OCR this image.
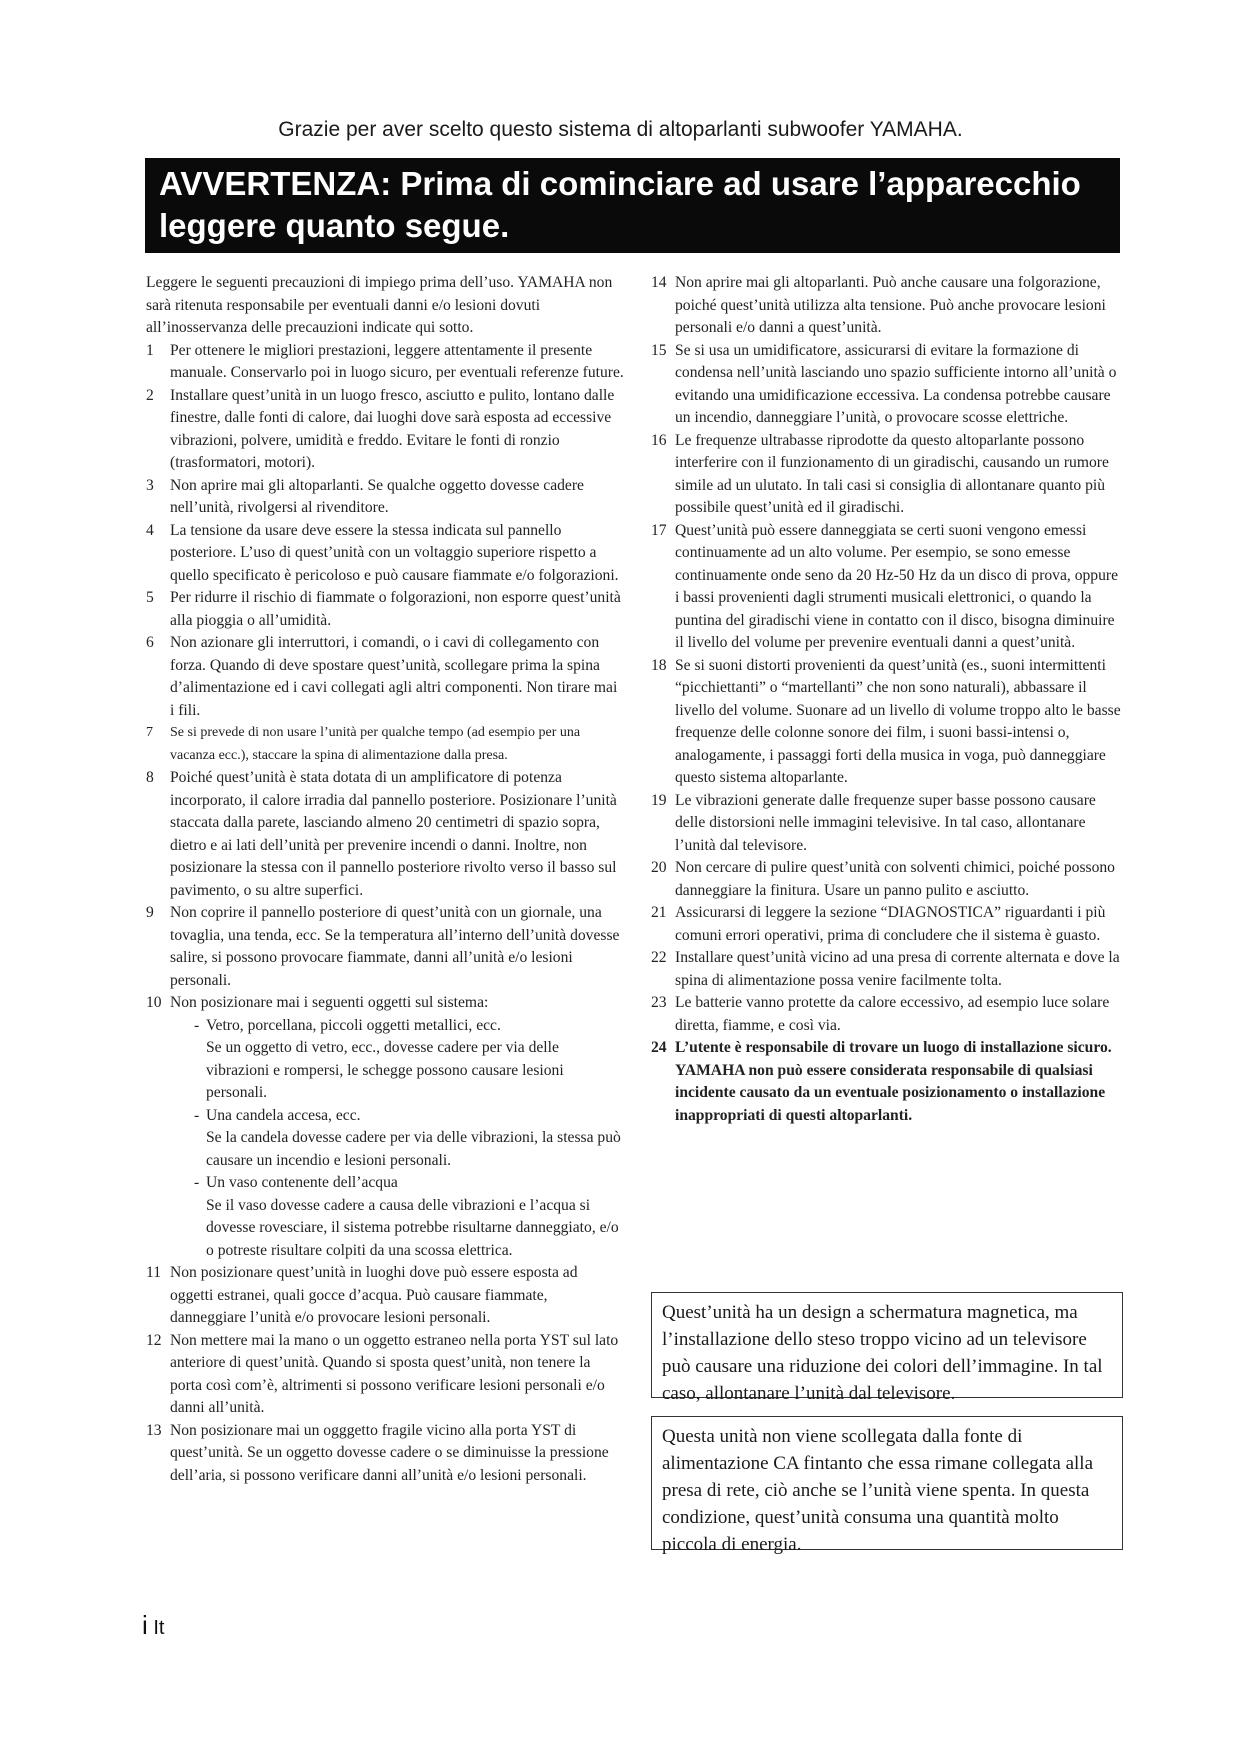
Grazie per aver scelto questo sistema di altoparlanti subwoofer YAMAHA.
AVVERTENZA: Prima di cominciare ad usare l’apparecchio
leggere quanto segue.

Leggere le seguenti precauzioni di impiego prima dell’uso. YAMAHA non sarà ritenuta responsabile per eventuali danni e/o lesioni dovuti all’inosservanza delle precauzioni indicate qui sotto.

1	Per ottenere le migliori prestazioni, leggere attentamente il presente manuale. Conservarlo poi in luogo sicuro, per eventuali referenze future.

2	Installare quest’unità in un luogo fresco, asciutto e pulito, lontano dalle finestre, dalle fonti di calore, dai luoghi dove sarà esposta ad eccessive vibrazioni, polvere, umidità e freddo. Evitare le fonti di ronzio (trasformatori, motori).

3	Non aprire mai gli altoparlanti. Se qualche oggetto dovesse cadere nell’unità, rivolgersi al rivenditore.

4	La tensione da usare deve essere la stessa indicata sul pannello posteriore. L’uso di quest’unità con un voltaggio superiore rispetto a quello specificato è pericoloso e può causare fiammate e/o folgorazioni.

5	Per ridurre il rischio di fiammate o folgorazioni, non esporre quest’unità alla pioggia o all’umidità.

6	Non azionare gli interruttori, i comandi, o i cavi di collegamento con forza. Quando di deve spostare quest’unità, scollegare prima la spina d’alimentazione ed i cavi collegati agli altri componenti. Non tirare mai i fili.

7	Se si prevede di non usare l’unità per qualche tempo (ad esempio per una vacanza ecc.), staccare la spina di alimentazione dalla presa.

8	Poiché quest’unità è stata dotata di un amplificatore di potenza incorporato, il calore irradia dal pannello posteriore. Posizionare l’unità staccata dalla parete, lasciando almeno 20 centimetri di spazio sopra, dietro e ai lati dell’unità per prevenire incendi o danni. Inoltre, non posizionare la stessa con il pannello posteriore rivolto verso il basso sul pavimento, o su altre superfici.

9	Non coprire il pannello posteriore di quest’unità con un giornale, una tovaglia, una tenda, ecc. Se la temperatura all’interno dell’unità dovesse salire, si possono provocare fiammate, danni all’unità e/o lesioni personali.

10 Non posizionare mai i seguenti oggetti sul sistema:

- Vetro, porcellana, piccoli oggetti metallici, ecc.

Se un oggetto di vetro, ecc., dovesse cadere per via delle vibrazioni e rompersi, le schegge possono causare lesioni personali.

- Una candela accesa, ecc.

Se la candela dovesse cadere per via delle vibrazioni, la stessa può causare un incendio e lesioni personali.

- Un vaso contenente dell’acqua

Se il vaso dovesse cadere a causa delle vibrazioni e l’acqua si dovesse rovesciare, il sistema potrebbe risultarne danneggiato, e/o o potreste risultare colpiti da una scossa elettrica.

11 Non posizionare quest’unità in luoghi dove può essere esposta ad oggetti estranei, quali gocce d’acqua. Può causare fiammate, danneggiare l’unità e/o provocare lesioni personali.

12 Non mettere mai la mano o un oggetto estraneo nella porta YST sul lato anteriore di quest’unità. Quando si sposta quest’unità, non tenere la porta così com’è, altrimenti si possono verificare lesioni personali e/o danni all’unità.

13 Non posizionare mai un ogggetto fragile vicino alla porta YST di quest’unità. Se un oggetto dovesse cadere o se diminuisse la pressione dell’aria, si possono verificare danni all’unità e/o lesioni personali.

14 Non aprire mai gli altoparlanti. Può anche causare una folgorazione, poiché quest’unità utilizza alta tensione. Può anche provocare lesioni personali e/o danni a quest’unità.

15 Se si usa un umidificatore, assicurarsi di evitare la formazione di condensa nell’unità lasciando uno spazio sufficiente intorno all’unità o evitando una umidificazione eccessiva. La condensa potrebbe causare un incendio, danneggiare l’unità, o provocare scosse elettriche.

16 Le frequenze ultrabasse riprodotte da questo altoparlante possono interferire con il funzionamento di un giradischi, causando un rumore simile ad un ulutato. In tali casi si consiglia di allontanare quanto più possibile quest’unità ed il giradischi.

17 Quest’unità può essere danneggiata se certi suoni vengono emessi continuamente ad un alto volume. Per esempio, se sono emesse continuamente onde seno da 20 Hz-50 Hz da un disco di prova, oppure i bassi provenienti dagli strumenti musicali elettronici, o quando la puntina del giradischi viene in contatto con il disco, bisogna diminuire il livello del volume per prevenire eventuali danni a quest’unità.

18 Se si suoni distorti provenienti da quest’unità (es., suoni intermittenti “picchiettanti” o “martellanti” che non sono naturali), abbassare il livello del volume. Suonare ad un livello di volume troppo alto le basse frequenze delle colonne sonore dei film, i suoni bassi-intensi o, analogamente, i passaggi forti della musica in voga, può danneggiare questo sistema altoparlante.

19 Le vibrazioni generate dalle frequenze super basse possono causare delle distorsioni nelle immagini televisive. In tal caso, allontanare l’unità dal televisore.

20 Non cercare di pulire quest’unità con solventi chimici, poiché possono danneggiare la finitura. Usare un panno pulito e asciutto.

21 Assicurarsi di leggere la sezione “DIAGNOSTICA” riguardanti i più comuni errori operativi, prima di concludere che il sistema è guasto.

22 Installare quest’unità vicino ad una presa di corrente alternata e dove la spina di alimentazione possa venire facilmente tolta.

23 Le batterie vanno protette da calore eccessivo, ad esempio luce solare diretta, fiamme, e così via.

24 L’utente è responsabile di trovare un luogo di installazione sicuro. YAMAHA non può essere considerata responsabile di qualsiasi incidente causato da un eventuale posizionamento o installazione inappropriati di questi altoparlanti.

Quest’unità ha un design a schermatura magnetica, ma l’installazione dello steso troppo vicino ad un televisore può causare una riduzione dei colori dell’immagine. In tal caso, allontanare l’unità dal televisore.
Questa unità non viene scollegata dalla fonte di alimentazione CA fintanto che essa rimane collegata alla presa di rete, ciò anche se l’unità viene spenta. In questa condizione, quest’unità consuma una quantità molto piccola di energia.
i It
